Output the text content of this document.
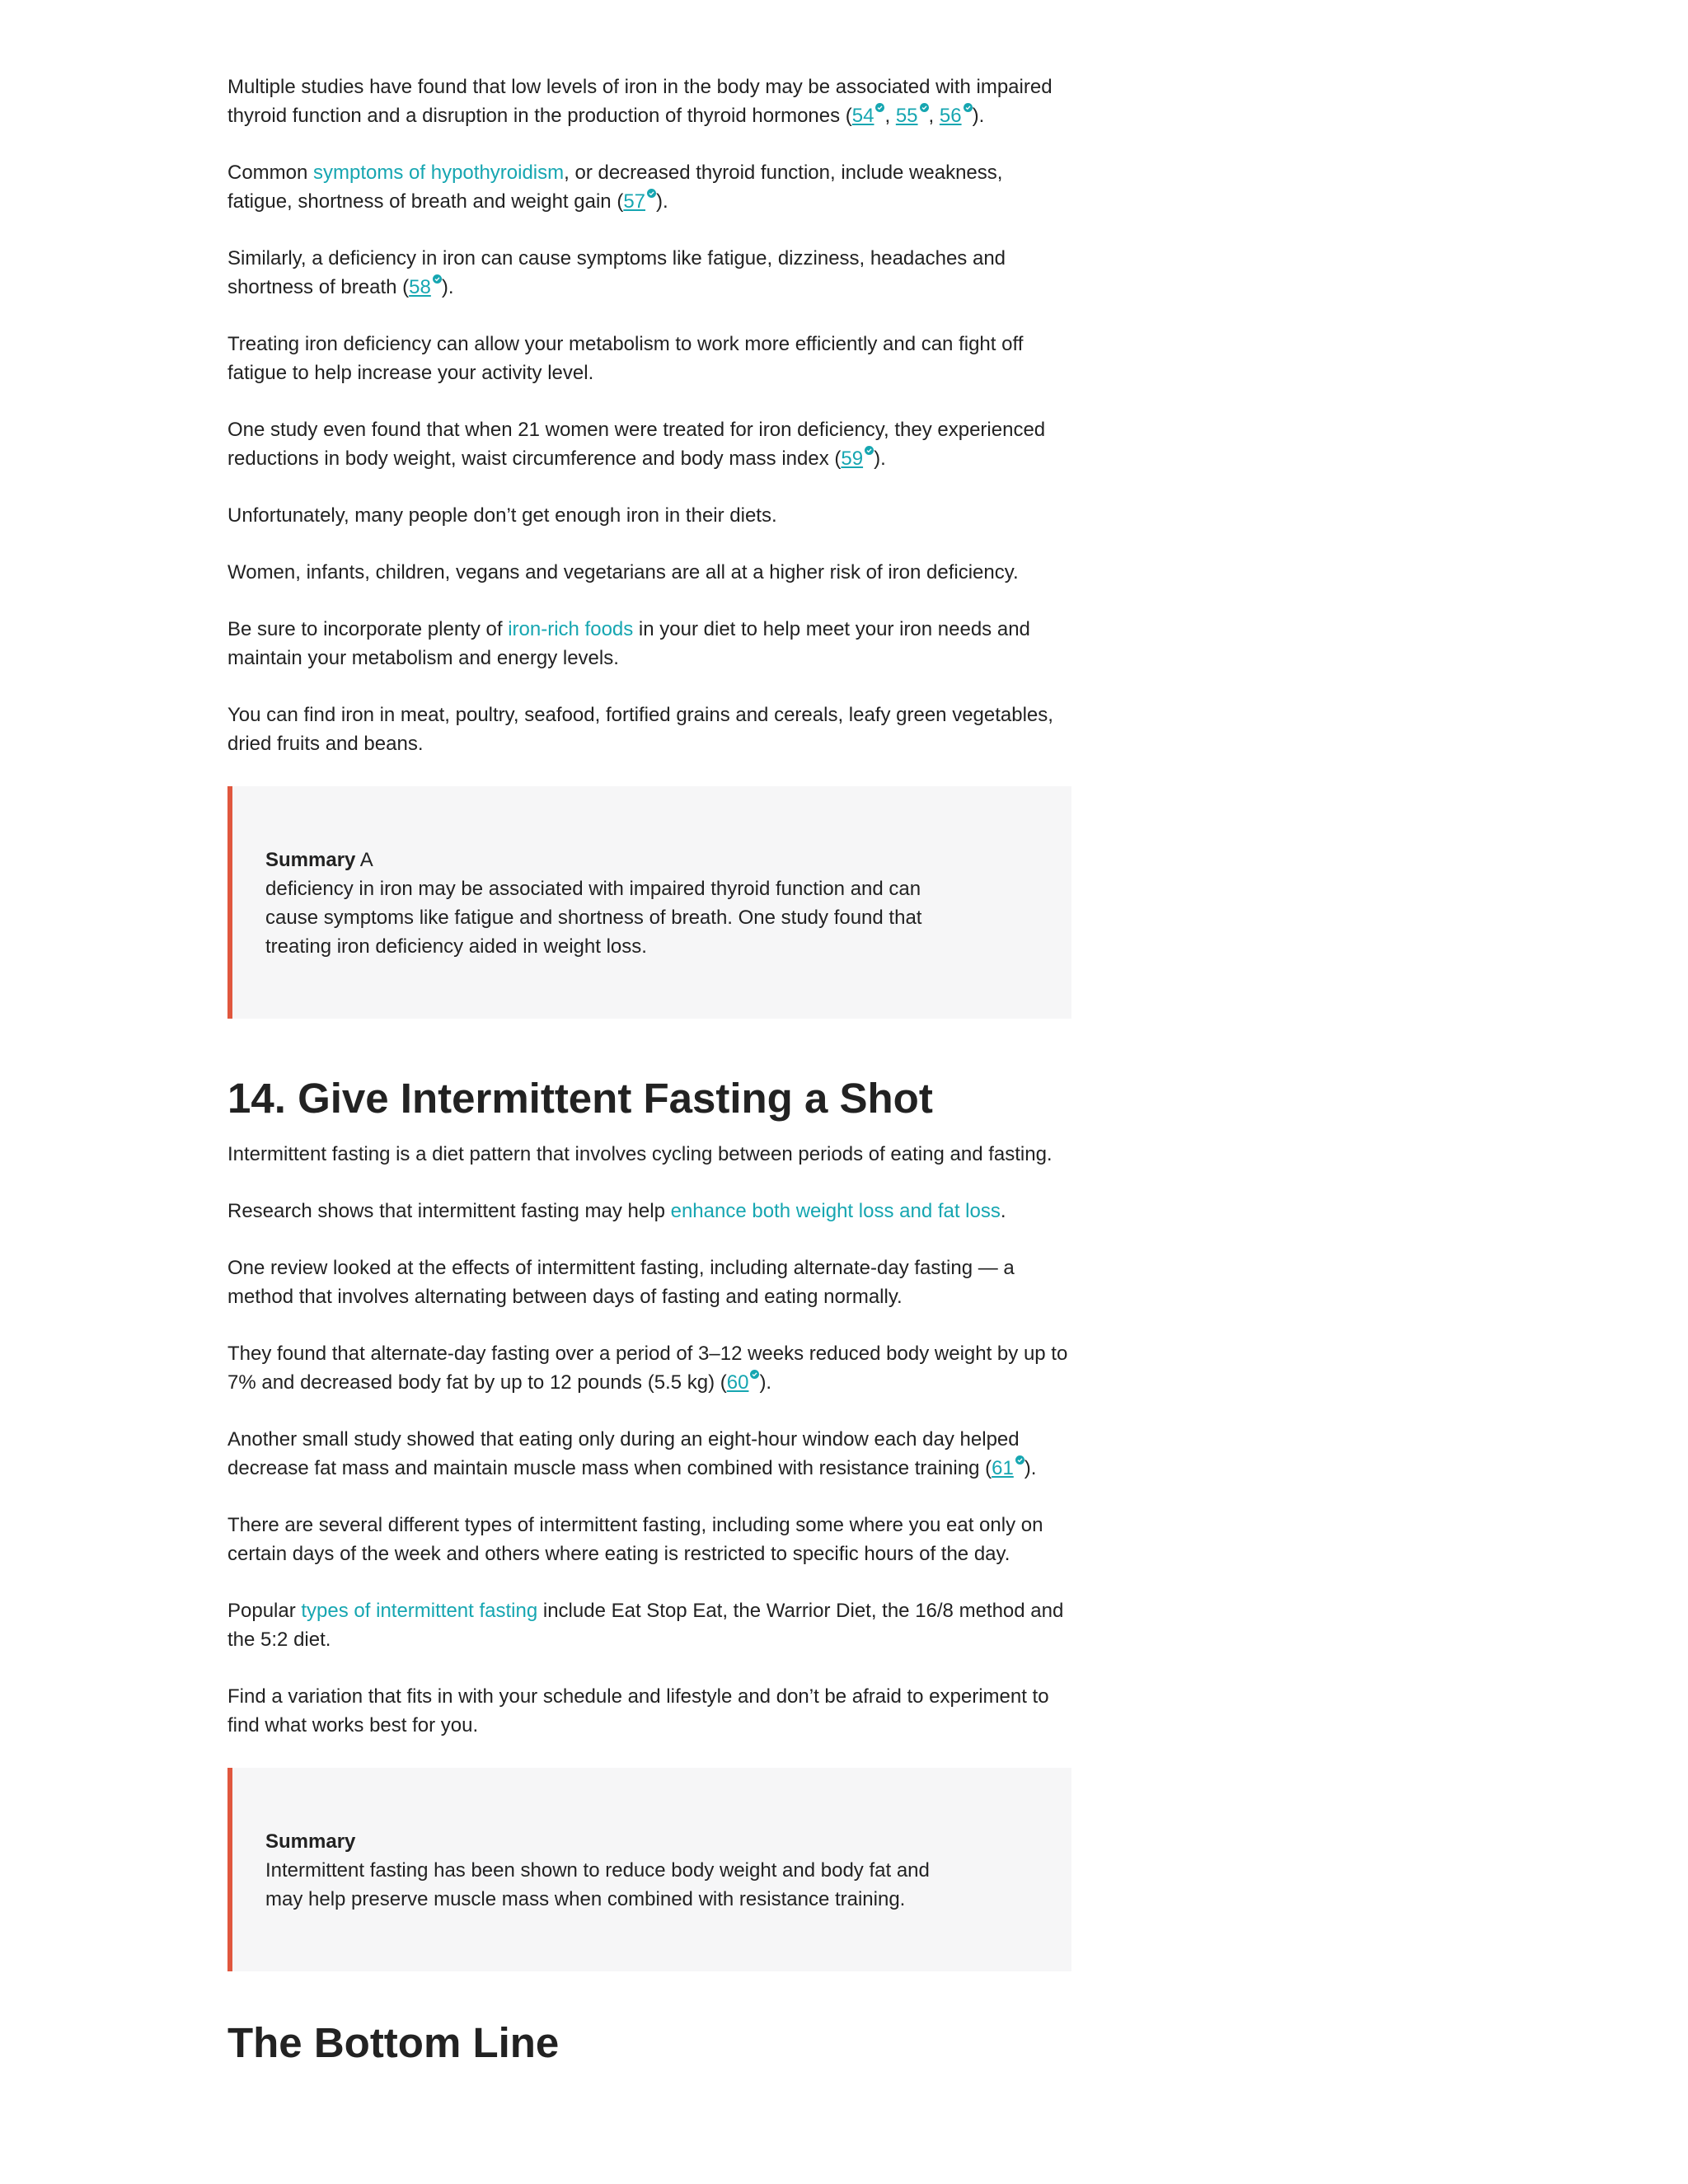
Multiple studies have found that low levels of iron in the body may be associated with impaired thyroid function and a disruption in the production of thyroid hormones (54 , 55 , 56 ).

Common symptoms of hypothyroidism, or decreased thyroid function, include weakness, fatigue, shortness of breath and weight gain (57 ).

Similarly, a deficiency in iron can cause symptoms like fatigue, dizziness, headaches and shortness of breath (58 ).

Treating iron deficiency can allow your metabolism to work more efficiently and can fight off fatigue to help increase your activity level.

One study even found that when 21 women were treated for iron deficiency, they experienced reductions in body weight, waist circumference and body mass index (59 ).

Unfortunately, many people don’t get enough iron in their diets.

Women, infants, children, vegans and vegetarians are all at a higher risk of iron deficiency.

Be sure to incorporate plenty of iron-rich foods in your diet to help meet your iron needs and maintain your metabolism and energy levels.

You can find iron in meat, poultry, seafood, fortified grains and cereals, leafy green vegetables, dried fruits and beans.

Summary A
deficiency in iron may be associated with impaired thyroid function and can cause symptoms like fatigue and shortness of breath. One study found that treating iron deficiency aided in weight loss.

14. Give Intermittent Fasting a Shot

Intermittent fasting is a diet pattern that involves cycling between periods of eating and fasting.

Research shows that intermittent fasting may help enhance both weight loss and fat loss.

One review looked at the effects of intermittent fasting, including alternate-day fasting — a method that involves alternating between days of fasting and eating normally.

They found that alternate-day fasting over a period of 3–12 weeks reduced body weight by up to 7% and decreased body fat by up to 12 pounds (5.5 kg) (60 ).

Another small study showed that eating only during an eight-hour window each day helped decrease fat mass and maintain muscle mass when combined with resistance training (61 ).

There are several different types of intermittent fasting, including some where you eat only on certain days of the week and others where eating is restricted to specific hours of the day.

Popular types of intermittent fasting include Eat Stop Eat, the Warrior Diet, the 16/8 method and the 5:2 diet.

Find a variation that fits in with your schedule and lifestyle and don’t be afraid to experiment to find what works best for you.

Summary
Intermittent fasting has been shown to reduce body weight and body fat and may help preserve muscle mass when combined with resistance training.

The Bottom Line
